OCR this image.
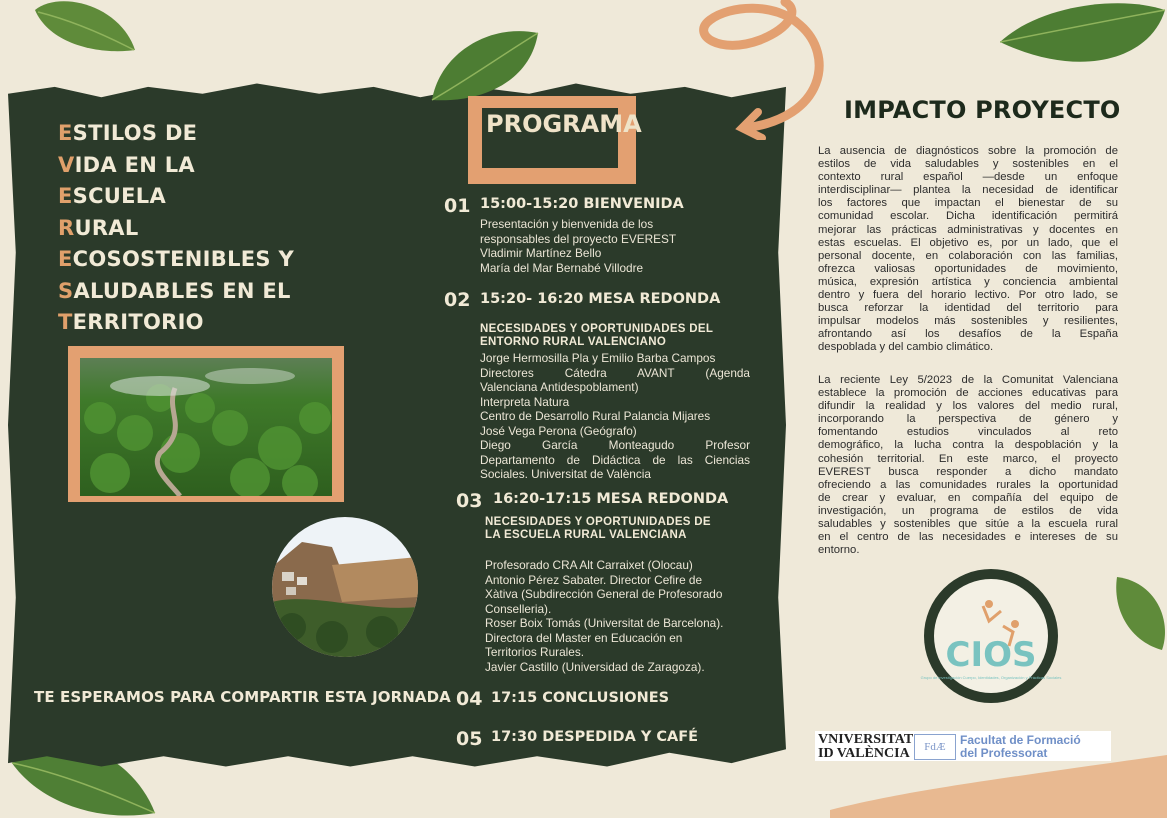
ESTILOS DE
VIDA EN LA
ESCUELA
RURAL
ECOSOSTENIBLES Y
SALUDABLES EN EL
TERRITORIO
TE ESPERAMOS PARA COMPARTIR ESTA JORNADA
PROGRAMA
01 15:00-15:20 BIENVENIDA
Presentación y bienvenida de los
responsables del proyecto EVEREST
Vladimir Martínez Bello
María del Mar Bernabé Villodre
02 15:20- 16:20 MESA REDONDA
NECESIDADES Y OPORTUNIDADES DEL
ENTORNO RURAL VALENCIANO
Jorge Hermosilla Pla y Emilio Barba Campos
Directores Cátedra AVANT (Agenda
Valenciana Antidespoblament)
Interpreta Natura
Centro de Desarrollo Rural Palancia Mijares
José Vega Perona (Geógrafo)
Diego García Monteagudo Profesor
Departamento de Didáctica de las Ciencias
Sociales. Universitat de València
03 16:20-17:15 MESA REDONDA
NECESIDADES Y OPORTUNIDADES DE
LA ESCUELA RURAL VALENCIANA
Profesorado CRA Alt Carraixet (Olocau)
Antonio Pérez Sabater. Director Cefire de
Xàtiva (Subdirección General de Profesorado
Conselleria).
Roser Boix Tomás (Universitat de Barcelona).
Directora del Master en Educación en
Territorios Rurales.
Javier Castillo (Universidad de Zaragoza).
04 17:15 CONCLUSIONES
05 17:30 DESPEDIDA Y CAFÉ
IMPACTO PROYECTO
La ausencia de diagnósticos sobre la promoción de
estilos de vida saludables y sostenibles en el
contexto rural español —desde un enfoque
interdisciplinar— plantea la necesidad de identificar
los factores que impactan el bienestar de su
comunidad escolar. Dicha identificación permitirá
mejorar las prácticas administrativas y docentes en
estas escuelas. El objetivo es, por un lado, que el
personal docente, en colaboración con las familias,
ofrezca valiosas oportunidades de movimiento,
música, expresión artística y conciencia ambiental
dentro y fuera del horario lectivo. Por otro lado, se
busca reforzar la identidad del territorio para
impulsar modelos más sostenibles y resilientes,
afrontando así los desafíos de la España
despoblada y del cambio climático.
La reciente Ley 5/2023 de la Comunitat Valenciana
establece la promoción de acciones educativas para
difundir la realidad y los valores del medio rural,
incorporando la perspectiva de género y
fomentando estudios vinculados al reto
demográfico, la lucha contra la despoblación y la
cohesión territorial. En este marco, el proyecto
EVEREST busca responder a dicho mandato
ofreciendo a las comunidades rurales la oportunidad
de crear y evaluar, en compañía del equipo de
investigación, un programa de estilos de vida
saludables y sostenibles que sitúe a la escuela rural
en el centro de las necesidades e intereses de su
entorno.
CIOS
Grupo de investigación Cuerpo, Identidades, Organización y Prácticas Sociales
VNIVERSITAT
ID VALÈNCIA	FdÆ	Facultat de Formació
del Professorat
